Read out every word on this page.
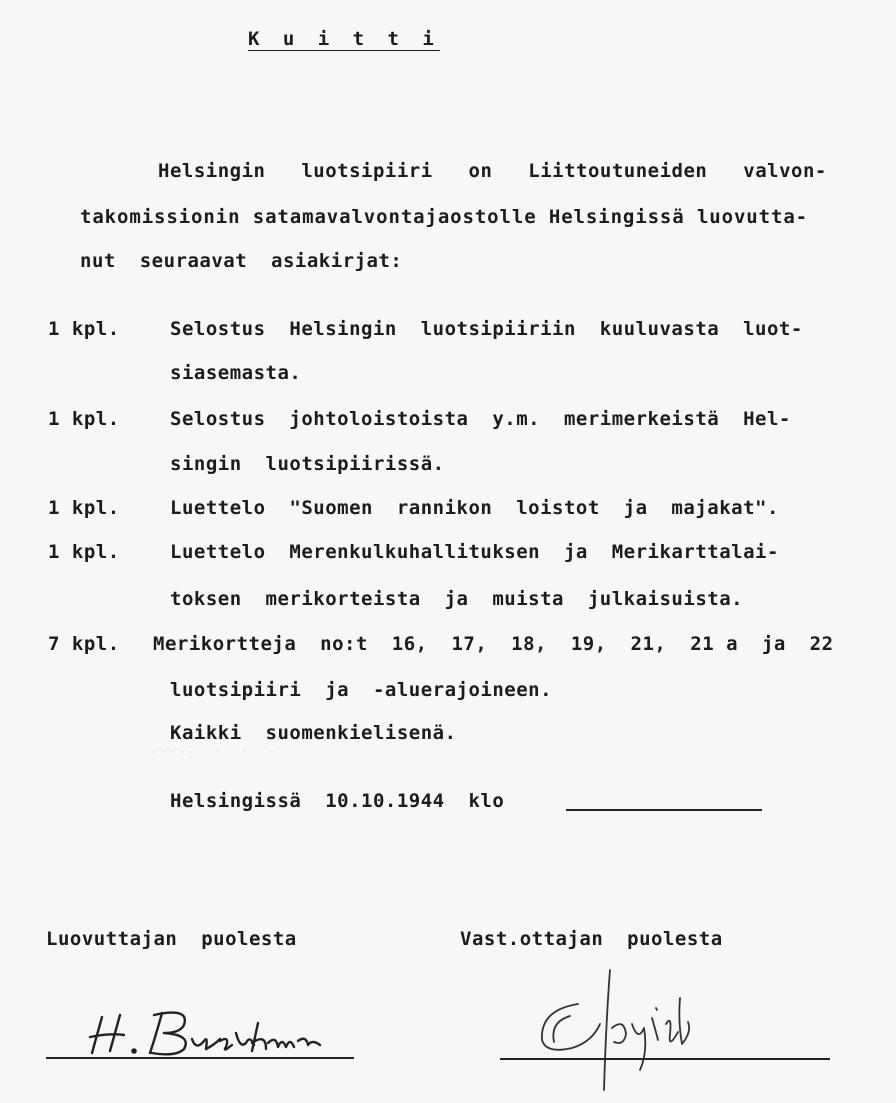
K u i t t i
Helsingin  luotsipiiri  on  Liittoutuneiden  valvon-
takomissionin satamavalvontajaostolle Helsingissä luovutta-
nut  seuraavat  asiakirjat:
1 kpl.	Selostus  Helsingin  luotsipiiriin  kuuluvasta  luot-
siasemasta.
1 kpl.	Selostus  johtoloistoista  y.m.  merimerkeistä  Hel-
singin  luotsipiirissä.
1 kpl.	Luettelo  "Suomen  rannikon  loistot  ja  majakat".
1 kpl.	Luettelo  Merenkulkuhallituksen  ja  Merikarttalai-
toksen  merikorteista  ja  muista  julkaisuista.
7 kpl. Merikortteja  no:t  16,  17,  18,  19,  21,  21 a  ja  22
luotsipiiri  ja  -aluerajoineen.
Kaikki  suomenkielisenä.
-----  ·  ·  ·
Helsingissä  10.10.1944  klo
Luovuttajan  puolesta	Vast.ottajan  puolesta
